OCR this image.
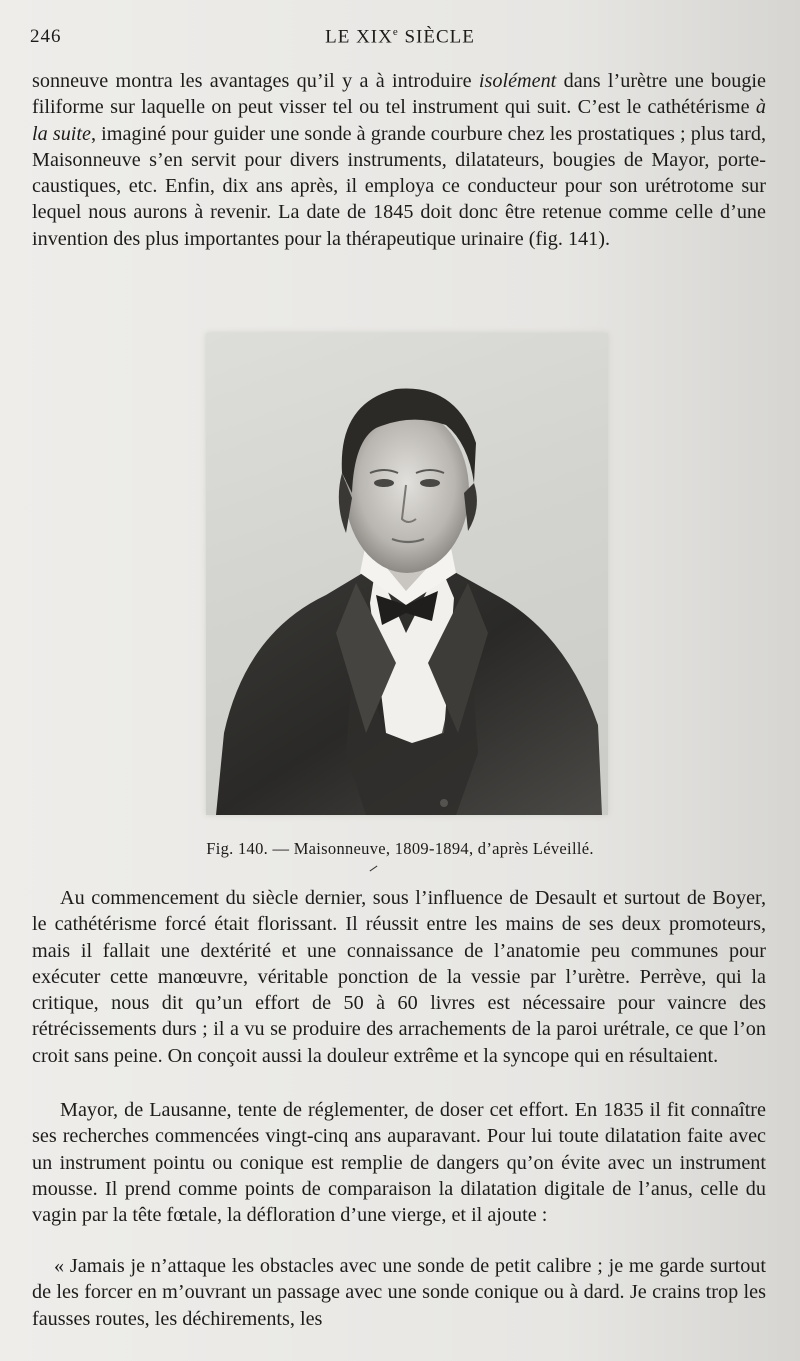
246	LE XIXe SIÈCLE

sonneuve montra les avantages qu’il y a à introduire isolément dans l’urètre une bougie filiforme sur laquelle on peut visser tel ou tel instrument qui suit. C’est le cathétérisme à la suite, imaginé pour guider une sonde à grande courbure chez les prostatiques ; plus tard, Maisonneuve s’en servit pour divers instruments, dilatateurs, bougies de Mayor, porte-caustiques, etc. Enfin, dix ans après, il employa ce conducteur pour son urétrotome sur lequel nous aurons à revenir. La date de 1845 doit donc être retenue comme celle d’une invention des plus importantes pour la thérapeutique urinaire (fig. 141).

Fig. 140. — Maisonneuve, 1809-1894, d’après Léveillé.

Au commencement du siècle dernier, sous l’influence de Desault et surtout de Boyer, le cathétérisme forcé était florissant. Il réussit entre les mains de ses deux promoteurs, mais il fallait une dextérité et une connaissance de l’anatomie peu communes pour exécuter cette manœuvre, véritable ponction de la vessie par l’urètre. Perrève, qui la critique, nous dit qu’un effort de 50 à 60 livres est nécessaire pour vaincre des rétrécissements durs ; il a vu se produire des arrachements de la paroi urétrale, ce que l’on croit sans peine. On conçoit aussi la douleur extrême et la syncope qui en résultaient.

Mayor, de Lausanne, tente de réglementer, de doser cet effort. En 1835 il fit connaître ses recherches commencées vingt-cinq ans auparavant. Pour lui toute dilatation faite avec un instrument pointu ou conique est remplie de dangers qu’on évite avec un instrument mousse. Il prend comme points de comparaison la dilatation digitale de l’anus, celle du vagin par la tête fœtale, la défloration d’une vierge, et il ajoute :

« Jamais je n’attaque les obstacles avec une sonde de petit calibre ; je me garde surtout de les forcer en m’ouvrant un passage avec une sonde conique ou à dard. Je crains trop les fausses routes, les déchirements, les
